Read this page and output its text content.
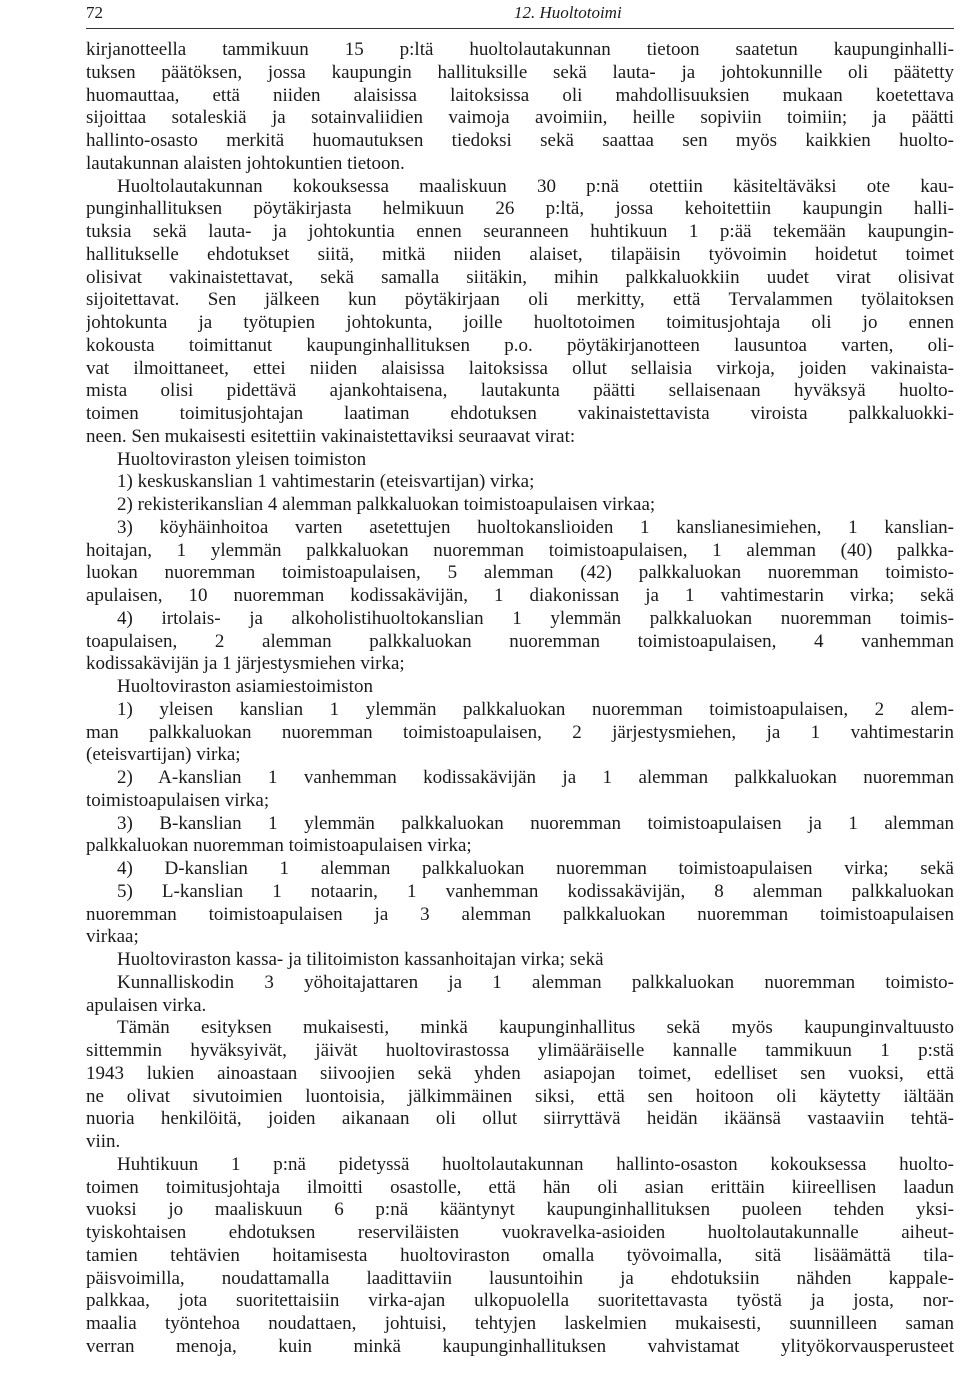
72	12. Huoltotoimi
kirjanotteella tammikuun 15 p:ltä huoltolautakunnan tietoon saatetun kaupunginhalli-
tuksen päätöksen, jossa kaupungin hallituksille sekä lauta- ja johtokunnille oli päätetty
huomauttaa, että niiden alaisissa laitoksissa oli mahdollisuuksien mukaan koetettava
sijoittaa sotaleskiä ja sotainvaliidien vaimoja avoimiin, heille sopiviin toimiin; ja päätti
hallinto-osasto merkitä huomautuksen tiedoksi sekä saattaa sen myös kaikkien huolto-
lautakunnan alaisten johtokuntien tietoon.
Huoltolautakunnan kokouksessa maaliskuun 30 p:nä otettiin käsiteltäväksi ote kau-
punginhallituksen pöytäkirjasta helmikuun 26 p:ltä, jossa kehoitettiin kaupungin halli-
tuksia sekä lauta- ja johtokuntia ennen seuranneen huhtikuun 1 p:ää tekemään kaupungin-
hallitukselle ehdotukset siitä, mitkä niiden alaiset, tilapäisin työvoimin hoidetut toimet
olisivat vakinaistettavat, sekä samalla siitäkin, mihin palkkaluokkiin uudet virat olisivat
sijoitettavat. Sen jälkeen kun pöytäkirjaan oli merkitty, että Tervalammen työlaitoksen
johtokunta ja työtupien johtokunta, joille huoltotoimen toimitusjohtaja oli jo ennen
kokousta toimittanut kaupunginhallituksen p.o. pöytäkirjanotteen lausuntoa varten, oli-
vat ilmoittaneet, ettei niiden alaisissa laitoksissa ollut sellaisia virkoja, joiden vakinaista-
mista olisi pidettävä ajankohtaisena, lautakunta päätti sellaisenaan hyväksyä huolto-
toimen toimitusjohtajan laatiman ehdotuksen vakinaistettavista viroista palkkaluokki-
neen. Sen mukaisesti esitettiin vakinaistettaviksi seuraavat virat:
Huoltoviraston yleisen toimiston
1) keskuskanslian 1 vahtimestarin (eteisvartijan) virka;
2) rekisterikanslian 4 alemman palkkaluokan toimistoapulaisen virkaa;
3) köyhäinhoitoa varten asetettujen huoltokanslioiden 1 kanslianesimiehen, 1 kanslian-
hoitajan, 1 ylemmän palkkaluokan nuoremman toimistoapulaisen, 1 alemman (40) palkka-
luokan nuoremman toimistoapulaisen, 5 alemman (42) palkkaluokan nuoremman toimisto-
apulaisen, 10 nuoremman kodissakävijän, 1 diakonissan ja 1 vahtimestarin virka; sekä
4) irtolais- ja alkoholistihuoltokanslian 1 ylemmän palkkaluokan nuoremman toimis-
toapulaisen, 2 alemman palkkaluokan nuoremman toimistoapulaisen, 4 vanhemman
kodissakävijän ja 1 järjestysmiehen virka;
Huoltoviraston asiamiestoimiston
1) yleisen kanslian 1 ylemmän palkkaluokan nuoremman toimistoapulaisen, 2 alem-
man palkkaluokan nuoremman toimistoapulaisen, 2 järjestysmiehen, ja 1 vahtimestarin
(eteisvartijan) virka;
2) A-kanslian 1 vanhemman kodissakävijän ja 1 alemman palkkaluokan nuoremman
toimistoapulaisen virka;
3) B-kanslian 1 ylemmän palkkaluokan nuoremman toimistoapulaisen ja 1 alemman
palkkaluokan nuoremman toimistoapulaisen virka;
4) D-kanslian 1 alemman palkkaluokan nuoremman toimistoapulaisen virka; sekä
5) L-kanslian 1 notaarin, 1 vanhemman kodissakävijän, 8 alemman palkkaluokan
nuoremman toimistoapulaisen ja 3 alemman palkkaluokan nuoremman toimistoapulaisen
virkaa;
Huoltoviraston kassa- ja tilitoimiston kassanhoitajan virka; sekä
Kunnalliskodin 3 yöhoitajattaren ja 1 alemman palkkaluokan nuoremman toimisto-
apulaisen virka.
Tämän esityksen mukaisesti, minkä kaupunginhallitus sekä myös kaupunginvaltuusto
sittemmin hyväksyivät, jäivät huoltovirastossa ylimääräiselle kannalle tammikuun 1 p:stä
1943 lukien ainoastaan siivoojien sekä yhden asiapojan toimet, edelliset sen vuoksi, että
ne olivat sivutoimien luontoisia, jälkimmäinen siksi, että sen hoitoon oli käytetty iältään
nuoria henkilöitä, joiden aikanaan oli ollut siirryttävä heidän ikäänsä vastaaviin tehtä-
viin.
Huhtikuun 1 p:nä pidetyssä huoltolautakunnan hallinto-osaston kokouksessa huolto-
toimen toimitusjohtaja ilmoitti osastolle, että hän oli asian erittäin kiireellisen laadun
vuoksi jo maaliskuun 6 p:nä kääntynyt kaupunginhallituksen puoleen tehden yksi-
tyiskohtaisen ehdotuksen reserviläisten vuokravelka-asioiden huoltolautakunnalle aiheut-
tamien tehtävien hoitamisesta huoltoviraston omalla työvoimalla, sitä lisäämättä tila-
päisvoimilla, noudattamalla laadittaviin lausuntoihin ja ehdotuksiin nähden kappale-
palkkaa, jota suoritettaisiin virka-ajan ulkopuolella suoritettavasta työstä ja josta, nor-
maalia työntehoa noudattaen, johtuisi, tehtyjen laskelmien mukaisesti, suunnilleen saman
verran menoja, kuin minkä kaupunginhallituksen vahvistamat ylityökorvausperusteet
